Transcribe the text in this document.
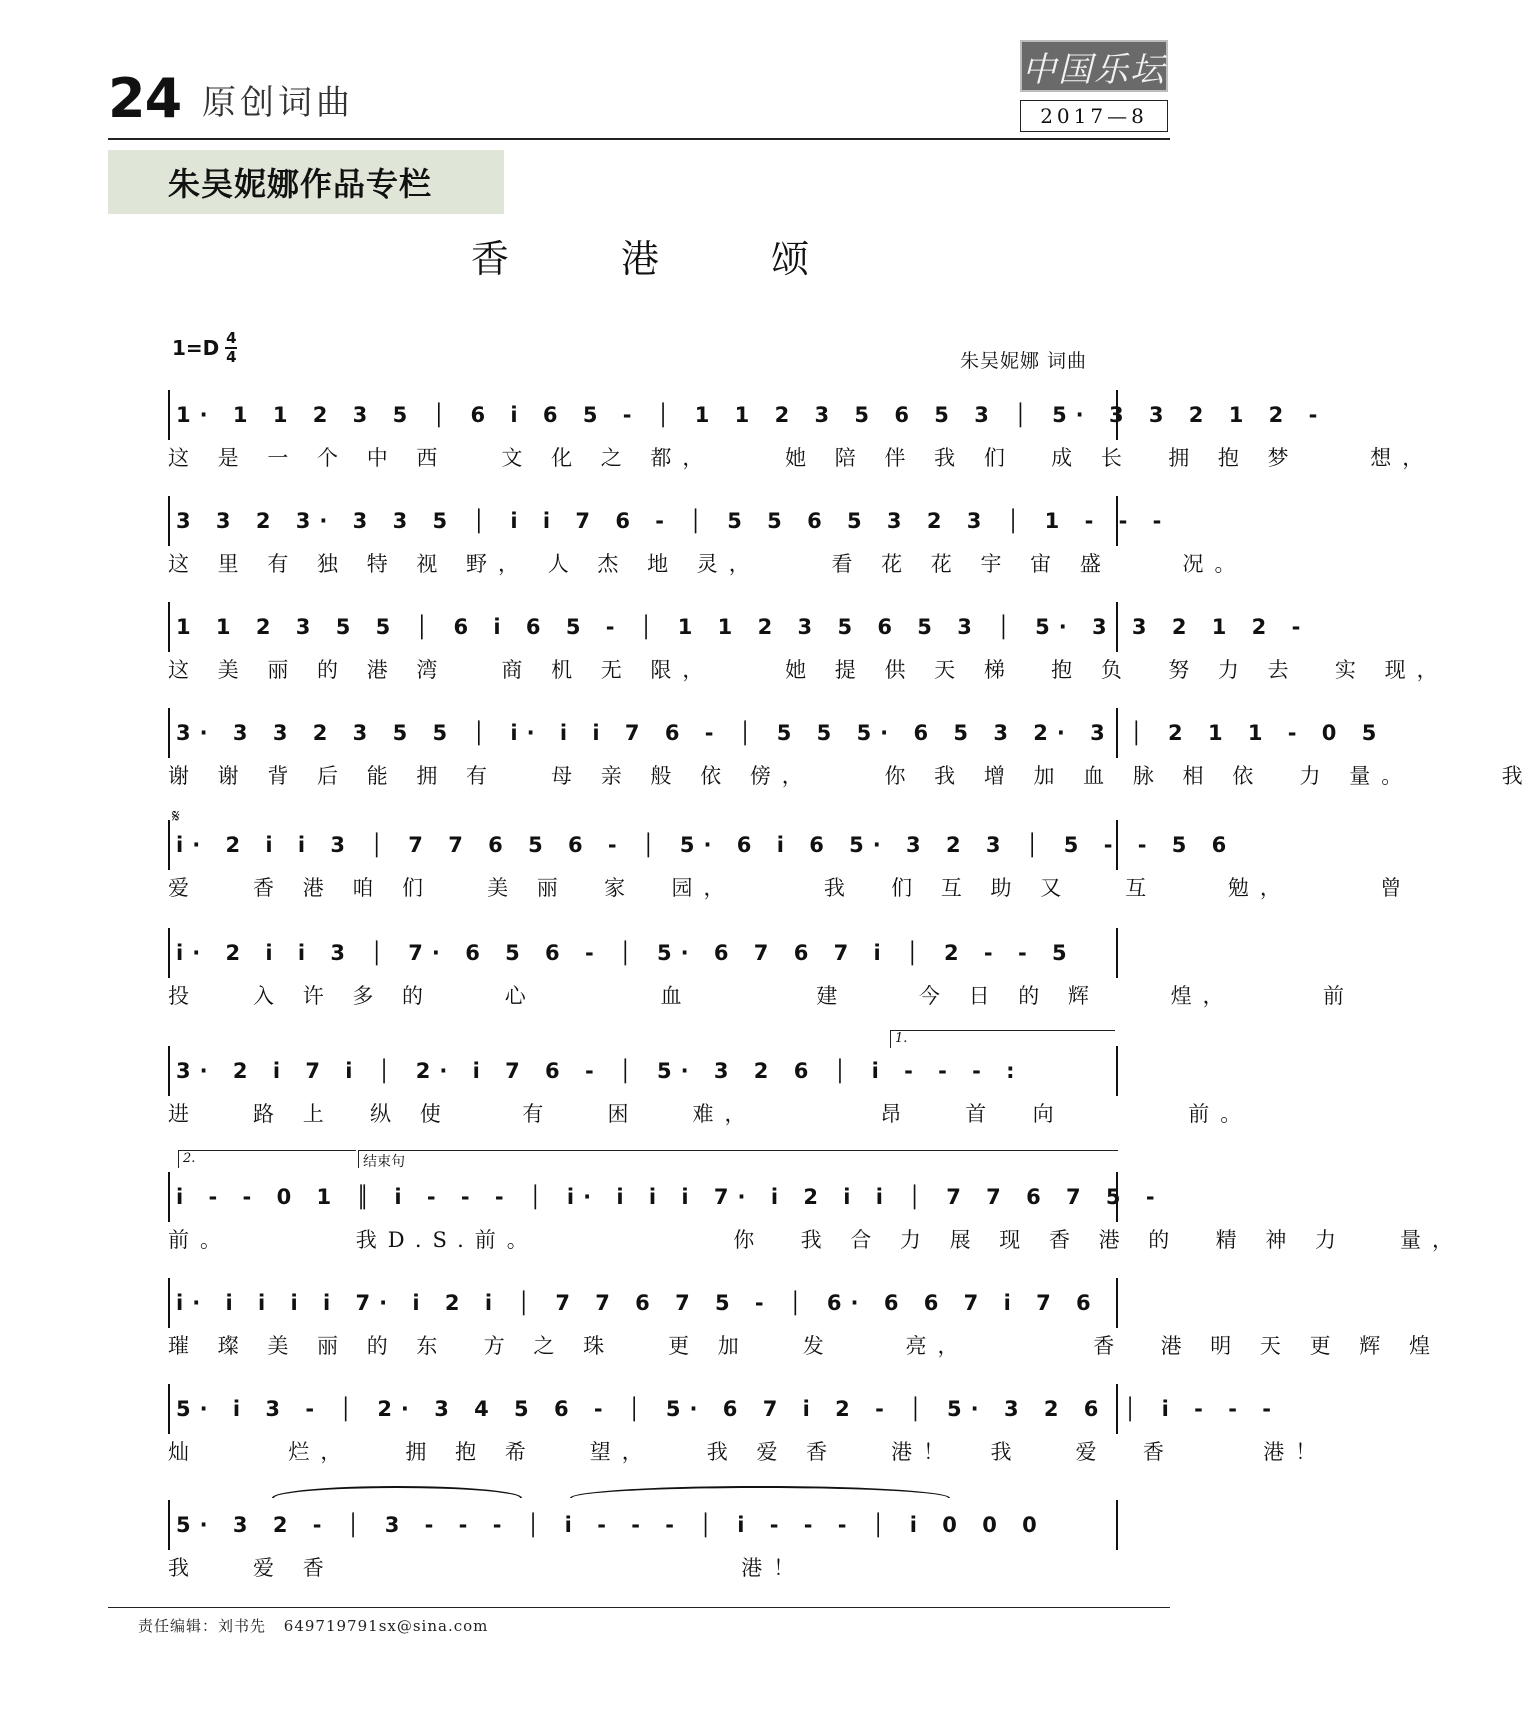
24 原创词曲
中国乐坛
2017—8
朱吴妮娜作品专栏
香 港 颂
1=D 4
4	朱吴妮娜 词曲
1· 1 1 2 3 5 │ 6 i 6 5 - │ 1 1 2 3 5 6 5 3 │ 5· 3 3 2 1 2 -
这 是 一 个 中 西   文 化 之 都，    她 陪 伴 我 们  成 长  拥 抱 梦    想，
3 3 2 3· 3 3 5 │ i i 7 6 - │ 5 5 6 5 3 2 3 │ 1 - - -
这 里 有 独 特 视 野， 人 杰 地 灵，    看 花 花 宇 宙 盛    况。
1 1 2 3 5 5 │ 6 i 6 5 - │ 1 1 2 3 5 6 5 3 │ 5· 3 3 2 1 2 -
这 美 丽 的 港 湾   商 机 无 限，    她 提 供 天 梯  抱 负  努 力 去  实 现，
3· 3 3 2 3 5 5 │ i· i i 7 6 - │ 5 5 5· 6 5 3 2· 3 │ 2 1 1 - 0 5
谢 谢 背 后 能 拥 有   母 亲 般 依 傍，    你 我 增 加 血 脉 相 依  力 量。     我
𝄋
i· 2 i i 3 │ 7 7 6 5 6 - │ 5· 6 i 6 5· 3 2 3 │ 5 - - 5 6
爱   香 港 咱 们   美 丽  家  园，     我  们 互 助 又   互    勉，     曾
i· 2 i i 3 │ 7· 6 5 6 - │ 5· 6 7 6 7 i │ 2 - - 5
投   入 许 多 的    心       血       建    今 日 的 辉    煌，     前
1.
3· 2 i 7 i │ 2· i 7 6 - │ 5· 3 2 6 │ i - - - :
进   路 上  纵 使    有   困   难，       昂   首  向       前。
2.	结束句
i - - 0 1 ║ i - - - │ i· i i i 7· i 2 i i │ 7 7 6 7 5 -
前。       我D.S.前。           你  我 合 力 展 现 香 港 的  精 神 力   量，
i· i i i i 7· i 2 i │ 7 7 6 7 5 - │ 6· 6 6 7 i 7 6
璀 璨 美 丽 的 东  方 之 珠   更 加   发    亮，       香  港 明 天 更 辉 煌
5· i 3 - │ 2· 3 4 5 6 - │ 5· 6 7 i 2 - │ 5· 3 2 6 │ i - - -
灿     烂，   拥 抱 希   望，   我 爱 香   港！  我   爱  香     港！
5· 3 2 - │ 3 - - - │ i - - - │ i - - - │ i 0 0 0
我   爱 香                       港！
责任编辑：刘书先 649719791sx@sina.com
